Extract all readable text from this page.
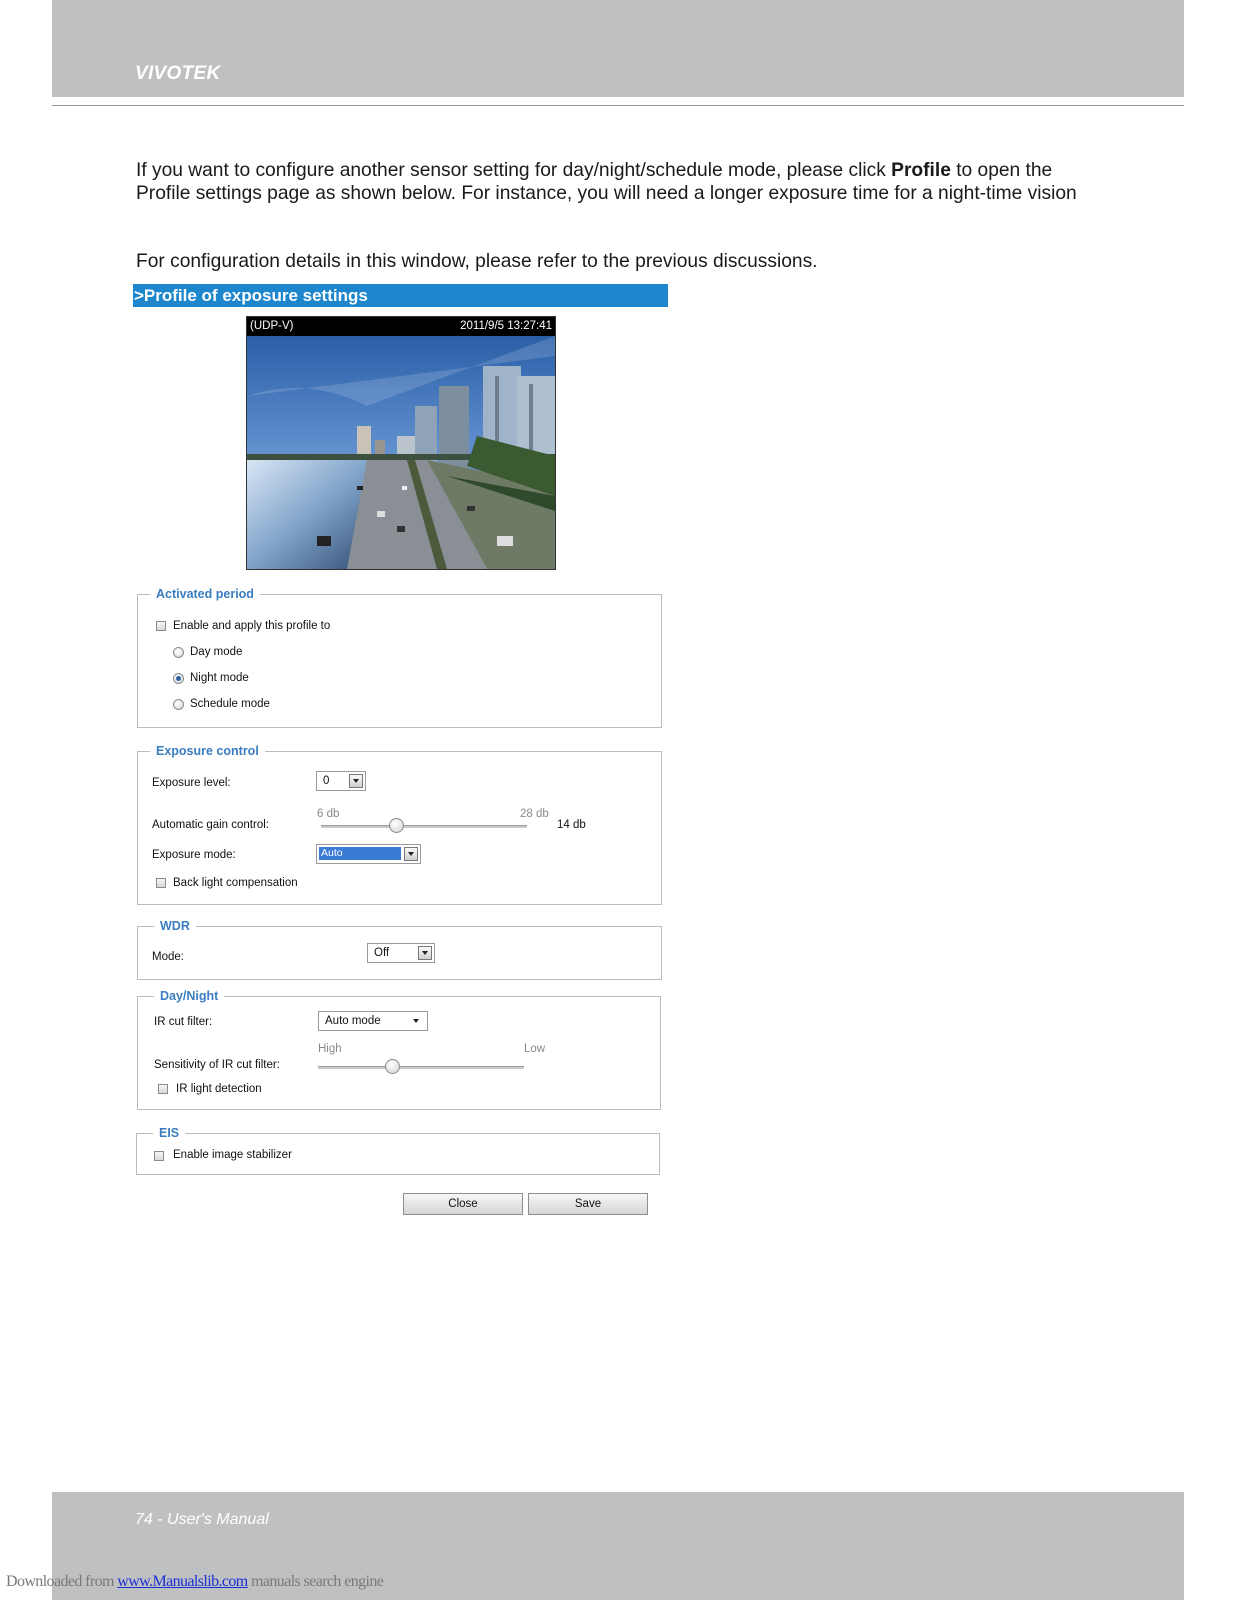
VIVOTEK

If you want to configure another sensor setting for day/night/schedule mode, please click Profile to open the Profile settings page as shown below. For instance, you will need a longer exposure time for a night-time vision

For configuration details in this window, please refer to the previous discussions.

>Profile of exposure settings
(UDP-V)	2011/9/5 13:27:41
Activated period
Enable and apply this profile to
Day mode
Night mode
Schedule mode
Exposure control
Exposure level:	0
6 db	28 db
Automatic gain control:	14 db
Exposure mode:	Auto
Back light compensation
WDR
Mode:	Off
Day/Night
IR cut filter:	Auto mode
High	Low
Sensitivity of IR cut filter:
IR light detection
EIS
Enable image stabilizer
Close	Save
74 - User's Manual
Downloaded from www.Manualslib.com manuals search engine
